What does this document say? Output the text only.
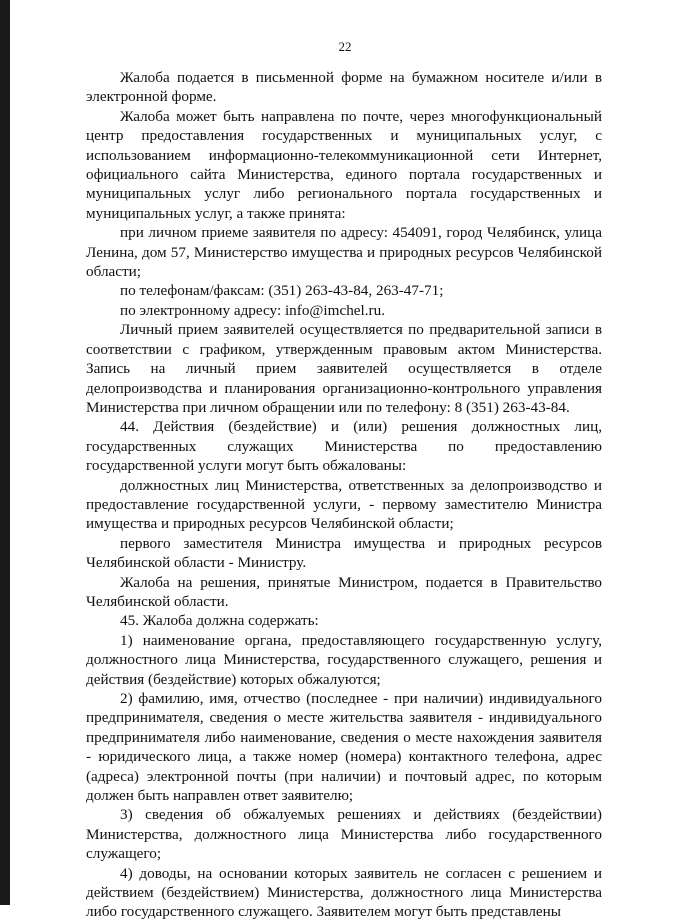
22

Жалоба подается в письменной форме на бумажном носителе и/или в электронной форме.

Жалоба может быть направлена по почте, через многофункциональный центр предоставления государственных и муниципальных услуг, с использованием информационно-телекоммуникационной сети Интернет, официального сайта Министерства, единого портала государственных и муниципальных услуг либо регионального портала государственных и муниципальных услуг, а также принята:

при личном приеме заявителя по адресу: 454091, город Челябинск, улица Ленина, дом 57, Министерство имущества и природных ресурсов Челябинской области;

по телефонам/факсам: (351) 263-43-84, 263-47-71;

по электронному адресу: info@imchel.ru.

Личный прием заявителей осуществляется по предварительной записи в соответствии с графиком, утвержденным правовым актом Министерства. Запись на личный прием заявителей осуществляется в отделе делопроизводства и планирования организационно-контрольного управления Министерства при личном обращении или по телефону: 8 (351) 263-43-84.

44. Действия (бездействие) и (или) решения должностных лиц, государственных служащих Министерства по предоставлению государственной услуги могут быть обжалованы:

должностных лиц Министерства, ответственных за делопроизводство и предоставление государственной услуги, - первому заместителю Министра имущества и природных ресурсов Челябинской области;

первого заместителя Министра имущества и природных ресурсов Челябинской области - Министру.

Жалоба на решения, принятые Министром, подается в Правительство Челябинской области.

45. Жалоба должна содержать:

1) наименование органа, предоставляющего государственную услугу, должностного лица Министерства, государственного служащего, решения и действия (бездействие) которых обжалуются;

2) фамилию, имя, отчество (последнее - при наличии) индивидуального предпринимателя, сведения о месте жительства заявителя - индивидуального предпринимателя либо наименование, сведения о месте нахождения заявителя - юридического лица, а также номер (номера) контактного телефона, адрес (адреса) электронной почты (при наличии) и почтовый адрес, по которым должен быть направлен ответ заявителю;

3) сведения об обжалуемых решениях и действиях (бездействии) Министерства, должностного лица Министерства либо государственного служащего;

4) доводы, на основании которых заявитель не согласен с решением и действием (бездействием) Министерства, должностного лица Министерства либо государственного служащего. Заявителем могут быть представлены
